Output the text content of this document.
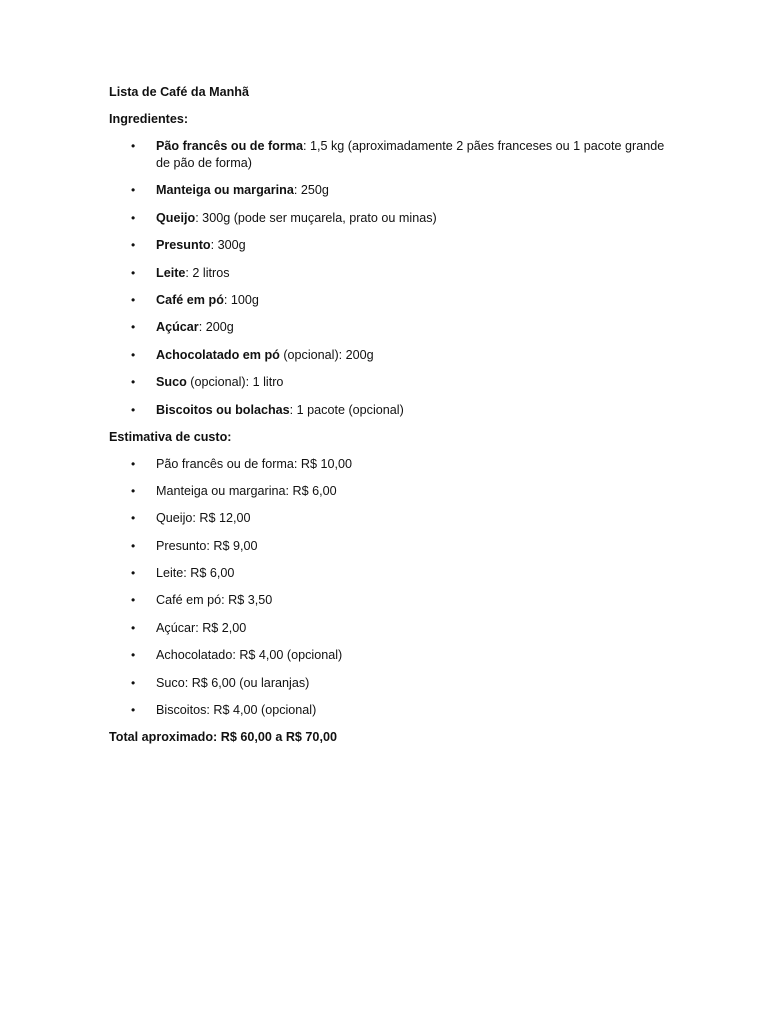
Lista de Café da Manhã

Ingredientes:

• Pão francês ou de forma: 1,5 kg (aproximadamente 2 pães franceses ou 1 pacote grande de pão de forma)
• Manteiga ou margarina: 250g
• Queijo: 300g (pode ser muçarela, prato ou minas)
• Presunto: 300g
• Leite: 2 litros
• Café em pó: 100g
• Açúcar: 200g
• Achocolatado em pó (opcional): 200g
• Suco (opcional): 1 litro
• Biscoitos ou bolachas: 1 pacote (opcional)

Estimativa de custo:

• Pão francês ou de forma: R$ 10,00
• Manteiga ou margarina: R$ 6,00
• Queijo: R$ 12,00
• Presunto: R$ 9,00
• Leite: R$ 6,00
• Café em pó: R$ 3,50
• Açúcar: R$ 2,00
• Achocolatado: R$ 4,00 (opcional)
• Suco: R$ 6,00 (ou laranjas)
• Biscoitos: R$ 4,00 (opcional)

Total aproximado: R$ 60,00 a R$ 70,00
